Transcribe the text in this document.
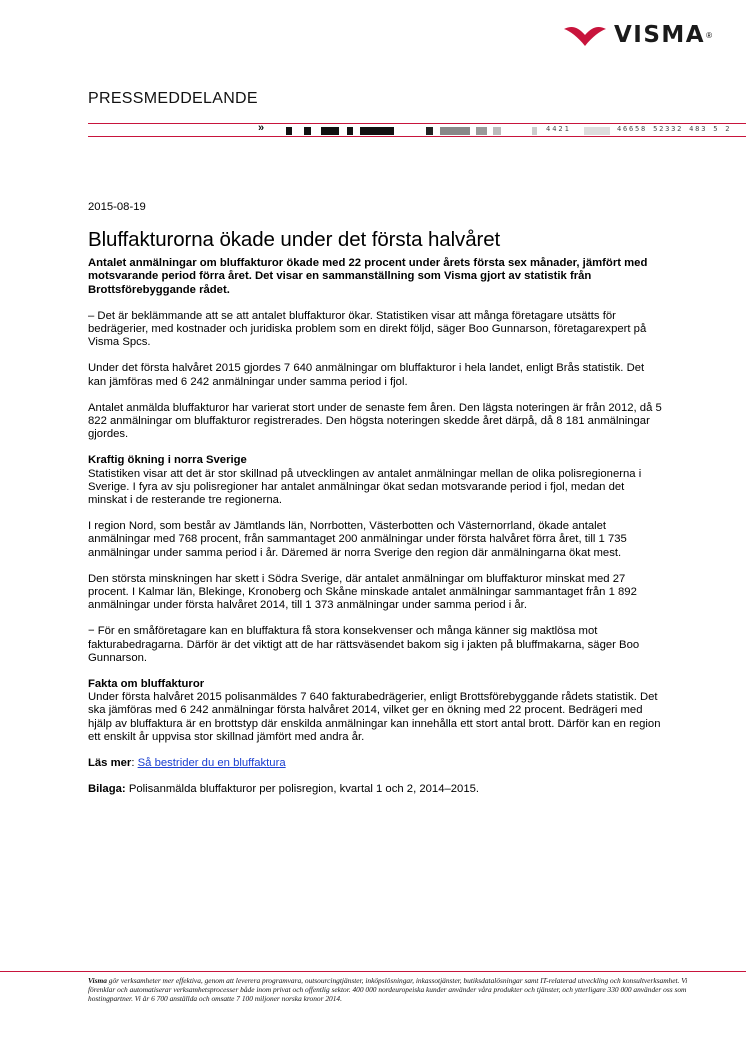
VISMA ®
PRESSMEDDELANDE
»	4421	46658 52332 483 5 2
2015-08-19
Bluffakturorna ökade under det första halvåret

Antalet anmälningar om bluffakturor ökade med 22 procent under årets första sex månader, jämfört med motsvarande period förra året. Det visar en sammanställning som Visma gjort av statistik från Brottsförebyggande rådet.

– Det är beklämmande att se att antalet bluffakturor ökar. Statistiken visar att många företagare utsätts för bedrägerier, med kostnader och juridiska problem som en direkt följd, säger Boo Gunnarson, företagarexpert på Visma Spcs.

Under det första halvåret 2015 gjordes 7 640 anmälningar om bluffakturor i hela landet, enligt Brås statistik. Det kan jämföras med 6 242 anmälningar under samma period i fjol.

Antalet anmälda bluffakturor har varierat stort under de senaste fem åren. Den lägsta noteringen är från 2012, då 5 822 anmälningar om bluffakturor registrerades. Den högsta noteringen skedde året därpå, då 8 181 anmälningar gjordes.

Kraftig ökning i norra Sverige
Statistiken visar att det är stor skillnad på utvecklingen av antalet anmälningar mellan de olika polisregionerna i Sverige. I fyra av sju polisregioner har antalet anmälningar ökat sedan motsvarande period i fjol, medan det minskat i de resterande tre regionerna.

I region Nord, som består av Jämtlands län, Norrbotten, Västerbotten och Västernorrland, ökade antalet anmälningar med 768 procent, från sammantaget 200 anmälningar under första halvåret förra året, till 1 735 anmälningar under samma period i år. Däremed är norra Sverige den region där anmälningarna ökat mest.

Den största minskningen har skett i Södra Sverige, där antalet anmälningar om bluffakturor minskat med 27 procent. I Kalmar län, Blekinge, Kronoberg och Skåne minskade antalet anmälningar sammantaget från 1 892 anmälningar under första halvåret 2014, till 1 373 anmälningar under samma period i år.

− För en småföretagare kan en bluffaktura få stora konsekvenser och många känner sig maktlösa mot fakturabedragarna. Därför är det viktigt att de har rättsväsendet bakom sig i jakten på bluffmakarna, säger Boo Gunnarson.

Fakta om bluffakturor
Under första halvåret 2015 polisanmäldes 7 640 fakturabedrägerier, enligt Brottsförebyggande rådets statistik. Det ska jämföras med 6 242 anmälningar första halvåret 2014, vilket ger en ökning med 22 procent. Bedrägeri med hjälp av bluffaktura är en brottstyp där enskilda anmälningar kan innehålla ett stort antal brott. Därför kan en region ett enskilt år uppvisa stor skillnad jämfört med andra år.

Läs mer: Så bestrider du en bluffaktura

Bilaga: Polisanmälda bluffakturor per polisregion, kvartal 1 och 2, 2014–2015.

Visma gör verksamheter mer effektiva, genom att leverera programvara, outsourcingtjänster, inköpslösningar, inkassotjänster, butiksdatalösningar samt IT-relaterad utveckling och konsultverksamhet. Vi förenklar och automatiserar verksamhetsprocesser både inom privat och offentlig sektor. 400 000 nordeuropeiska kunder använder våra produkter och tjänster, och ytterligare 330 000 använder oss som hostingpartner. Vi är 6 700 anställda och omsatte 7 100 miljoner norska kronor 2014.
